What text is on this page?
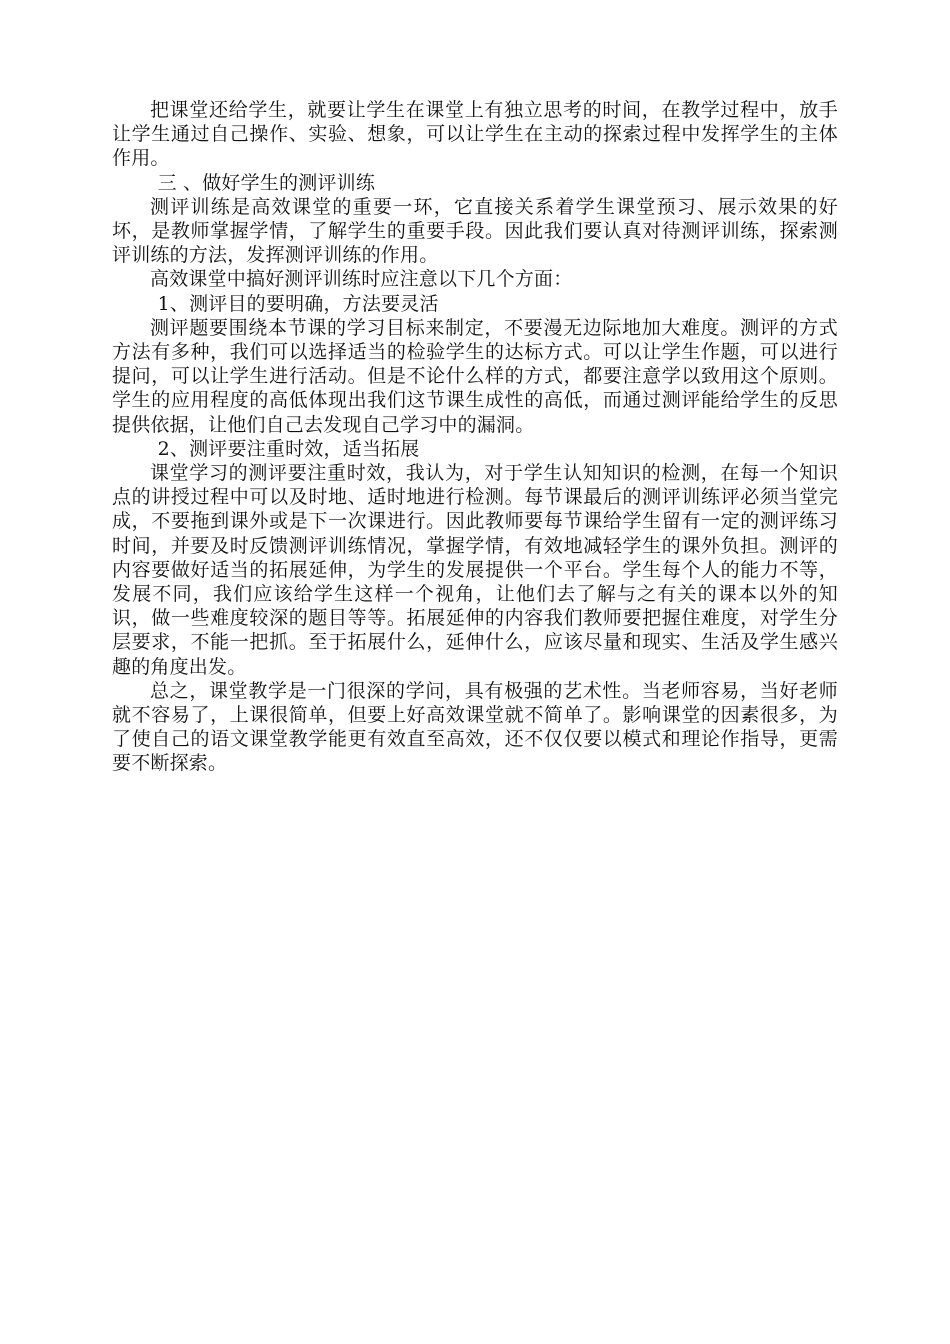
把课堂还给学生，就要让学生在课堂上有独立思考的时间，在教学过程中，放手让学生通过自己操作、实验、想象，可以让学生在主动的探索过程中发挥学生的主体作用。

三 、做好学生的测评训练

测评训练是高效课堂的重要一环，它直接关系着学生课堂预习、展示效果的好坏，是教师掌握学情，了解学生的重要手段。因此我们要认真对待测评训练，探索测评训练的方法，发挥测评训练的作用。

高效课堂中搞好测评训练时应注意以下几个方面：

1、测评目的要明确，方法要灵活

测评题要围绕本节课的学习目标来制定，不要漫无边际地加大难度。测评的方式方法有多种，我们可以选择适当的检验学生的达标方式。可以让学生作题，可以进行提问，可以让学生进行活动。但是不论什么样的方式，都要注意学以致用这个原则。学生的应用程度的高低体现出我们这节课生成性的高低，而通过测评能给学生的反思提供依据，让他们自己去发现自己学习中的漏洞。

2、测评要注重时效，适当拓展

课堂学习的测评要注重时效，我认为，对于学生认知知识的检测，在每一个知识点的讲授过程中可以及时地、适时地进行检测。每节课最后的测评训练评必须当堂完成，不要拖到课外或是下一次课进行。因此教师要每节课给学生留有一定的测评练习时间，并要及时反馈测评训练情况，掌握学情，有效地减轻学生的课外负担。测评的内容要做好适当的拓展延伸，为学生的发展提供一个平台。学生每个人的能力不等，发展不同，我们应该给学生这样一个视角，让他们去了解与之有关的课本以外的知识，做一些难度较深的题目等等。拓展延伸的内容我们教师要把握住难度，对学生分层要求，不能一把抓。至于拓展什么，延伸什么，应该尽量和现实、生活及学生感兴趣的角度出发。

总之，课堂教学是一门很深的学问，具有极强的艺术性。当老师容易，当好老师就不容易了，上课很简单，但要上好高效课堂就不简单了。影响课堂的因素很多，为了使自己的语文课堂教学能更有效直至高效，还不仅仅要以模式和理论作指导，更需要不断探索。
